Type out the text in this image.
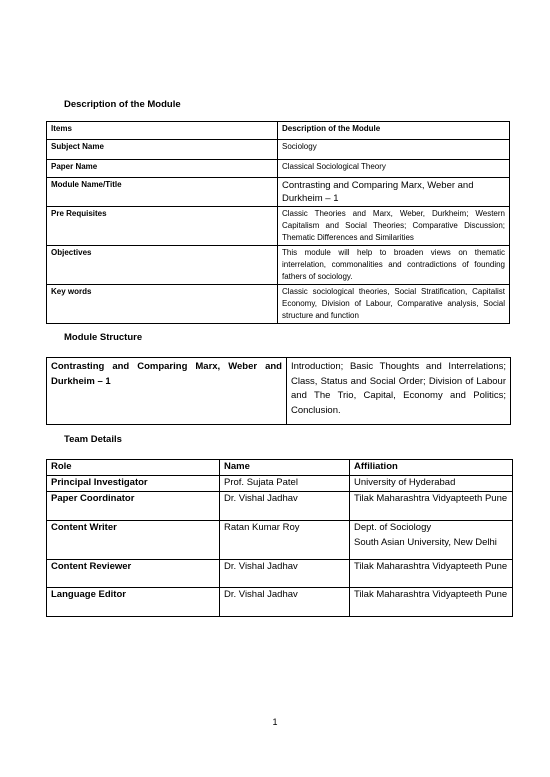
Description of the Module
Items	Description of the Module
Subject Name	Sociology
Paper Name	Classical Sociological Theory
Module Name/Title	Contrasting and Comparing Marx, Weber and Durkheim – 1
Pre Requisites	Classic Theories and Marx, Weber, Durkheim; Western Capitalism and Social Theories; Comparative Discussion; Thematic Differences and Similarities
Objectives	This module will help to broaden views on thematic interrelation, commonalities and contradictions of founding fathers of sociology.
Key words	Classic sociological theories, Social Stratification, Capitalist Economy, Division of Labour, Comparative analysis, Social structure and function
Module Structure
Contrasting and Comparing Marx, Weber and Durkheim – 1	Introduction; Basic Thoughts and Interrelations; Class, Status and Social Order; Division of Labour and The Trio, Capital, Economy and Politics; Conclusion.
Team Details
Role	Name	Affiliation
Principal Investigator	Prof. Sujata Patel	University of Hyderabad
Paper Coordinator	Dr. Vishal Jadhav	Tilak Maharashtra Vidyapteeth Pune
Content Writer	Ratan Kumar Roy	Dept. of Sociology
South Asian University, New Delhi
Content Reviewer	Dr. Vishal Jadhav	Tilak Maharashtra Vidyapteeth Pune
Language Editor	Dr. Vishal Jadhav	Tilak Maharashtra Vidyapteeth Pune
1
